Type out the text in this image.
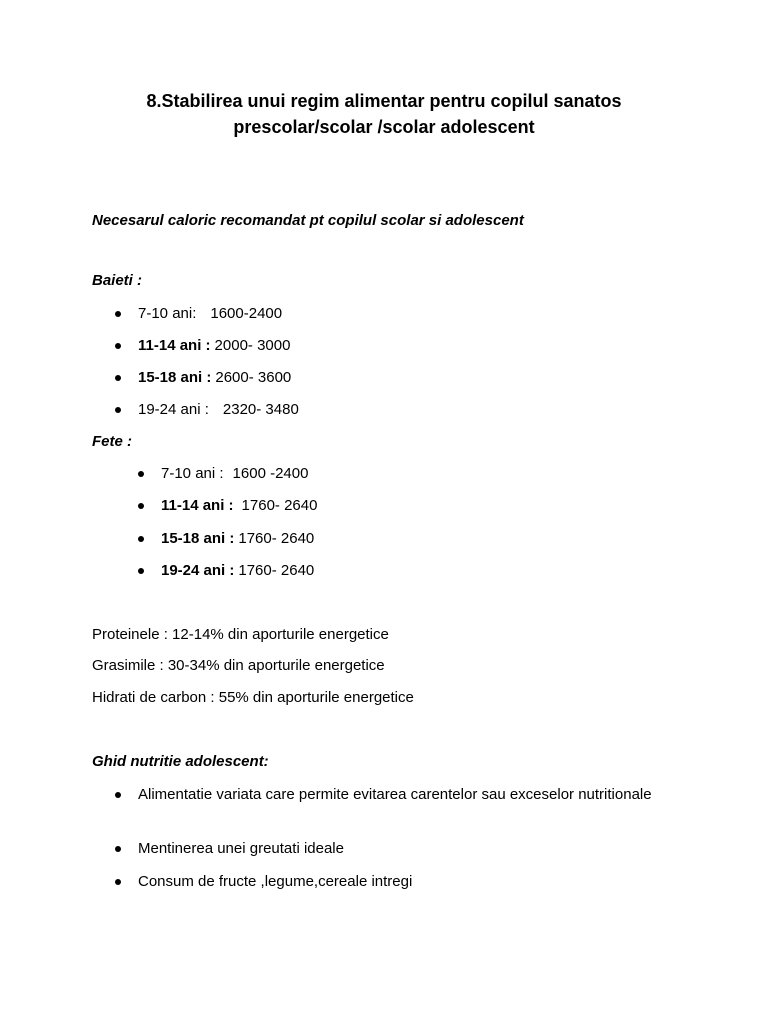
8.Stabilirea unui regim alimentar pentru copilul sanatos
prescolar/scolar /scolar adolescent
Necesarul caloric recomandat pt copilul scolar si adolescent
Baieti :
7-10 ani: 1600-2400
11-14 ani : 2000- 3000
15-18 ani : 2600- 3600
19-24 ani : 2320- 3480
Fete :
7-10 ani : 1600 -2400
11-14 ani : 1760- 2640
15-18 ani : 1760- 2640
19-24 ani : 1760- 2640
Proteinele : 12-14% din aporturile energetice
Grasimile : 30-34% din aporturile energetice
Hidrati de carbon : 55% din aporturile energetice
Ghid nutritie adolescent:
Alimentatie variata care permite evitarea carentelor sau exceselor nutritionale
Mentinerea unei greutati ideale
Consum de fructe ,legume,cereale intregi
